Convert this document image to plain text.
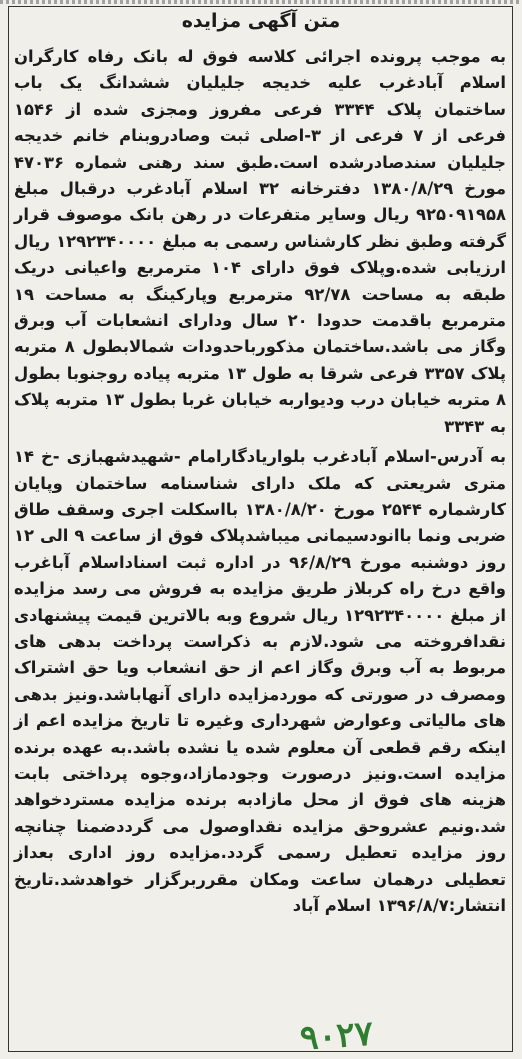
متن آگهی مزایده

به موجب پرونده اجرائی کلاسه فوق له بانک رفاه کارگران اسلام آبادغرب علیه خدیجه جلیلیان ششدانگ یک باب ساختمان پلاک ۳۳۴۴ فرعی مفروز ومجزی شده از ۱۵۴۶ فرعی از ۷ فرعی از ۳-اصلی ثبت وصادروبنام خانم خدیجه جلیلیان سندصادرشده است.طبق سند رهنی شماره ۴۷۰۳۶ مورخ ۱۳۸۰/۸/۲۹ دفترخانه ۳۲ اسلام آبادغرب درقبال مبلغ ۹۲۵۰۹۱۹۵۸ ریال وسایر متفرعات در رهن بانک موصوف قرار گرفته وطبق نظر کارشناس رسمی به مبلغ ۱۲۹۲۳۴۰۰۰۰ ریال ارزیابی شده.وپلاک فوق دارای ۱۰۴ مترمربع واعیانی دریک طبقه به مساحت ۹۲/۷۸ مترمربع وپارکینگ به مساحت ۱۹ مترمربع باقدمت حدودا ۲۰ سال ودارای انشعابات آب وبرق وگاز می باشد.ساختمان مذکورباحدودات شمالابطول ۸ متربه پلاک ۳۳۵۷ فرعی شرقا به طول ۱۳ متربه پیاده روجنوبا بطول ۸ متربه خیابان درب ودیواربه خیابان غربا بطول ۱۳ متربه پلاک به ۳۳۴۳

به آدرس-اسلام آبادغرب بلواریادگارامام -شهیدشهبازی -خ ۱۴ متری شریعتی که ملک دارای شناسنامه ساختمان وپایان کارشماره ۲۵۴۴ مورخ ۱۳۸۰/۸/۲۰ بااسکلت اجری وسقف طاق ضربی ونما باانودسیمانی میباشدپلاک فوق از ساعت ۹ الی ۱۲ روز دوشنبه مورخ ۹۶/۸/۲۹ در اداره ثبت اسناداسلام آباغرب واقع درخ راه کربلاز طریق مزایده به فروش می رسد مزایده از مبلغ ۱۲۹۲۳۴۰۰۰۰ ریال شروع وبه بالاترین قیمت پیشنهادی نقدافروخته می شود.لازم به ذکراست پرداخت بدهی های مربوط به آب وبرق وگاز اعم از حق انشعاب ویا حق اشتراک ومصرف در صورتی که موردمزایده دارای آنهاباشد.ونیز بدهی های مالیاتی وعوارض شهرداری وغیره تا تاریخ مزایده اعم از اینکه رقم قطعی آن معلوم شده یا نشده باشد.به عهده برنده مزایده است.ونیز درصورت وجودمازاد،وجوه پرداختی بابت هزینه های فوق از محل مازادبه برنده مزایده مستردخواهد شد.ونیم عشروحق مزایده نقداوصول می گرددضمنا چنانچه روز مزایده تعطیل رسمی گردد.مزایده روز اداری بعداز تعطیلی درهمان ساعت ومکان مقرربرگزار خواهدشد.تاریخ انتشار:۱۳۹۶/۸/۷ اسلام آباد

۹۰۲۷
